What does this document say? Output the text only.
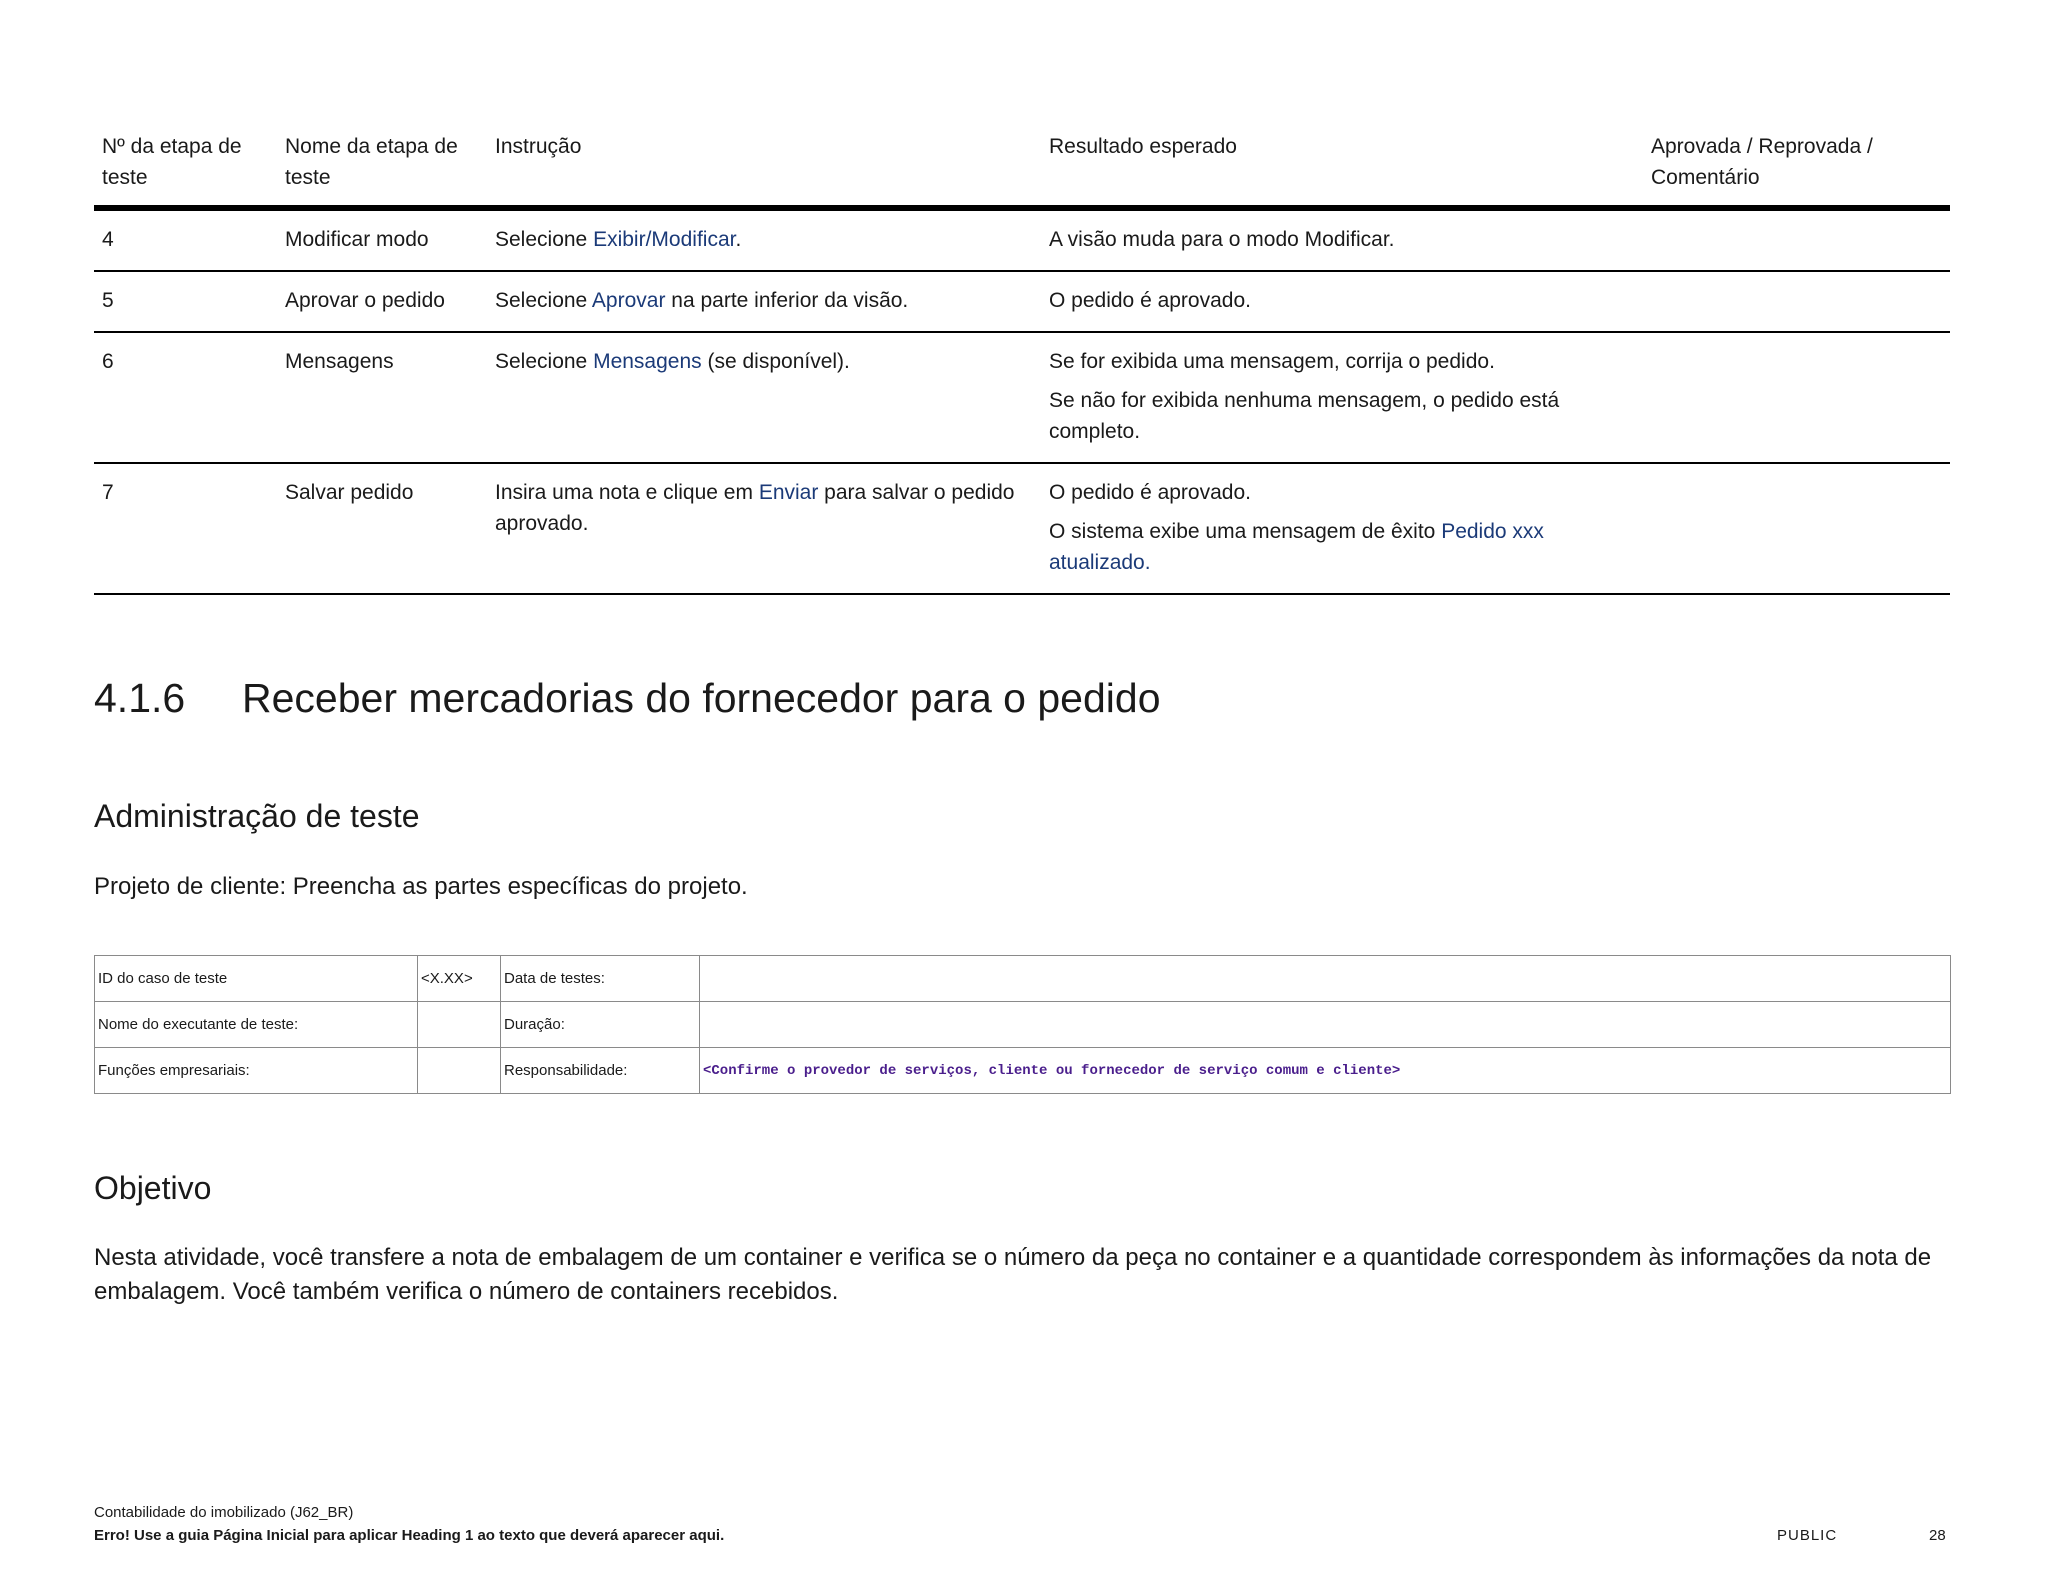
Nº da etapa de teste	Nome da etapa de teste	Instrução	Resultado esperado	Aprovada / Reprovada / Comentário
4	Modificar modo	Selecione Exibir/Modificar.	A visão muda para o modo Modificar.	

5	Aprovar o pedido	Selecione Aprovar na parte inferior da visão.	O pedido é aprovado.	

6	Mensagens	Selecione Mensagens (se disponível).	Se for exibida uma mensagem, corrija o pedido.

Se não for exibida nenhuma mensagem, o pedido está completo.	

7	Salvar pedido	Insira uma nota e clique em Enviar para salvar o pedido aprovado.	O pedido é aprovado.

O sistema exibe uma mensagem de êxito Pedido xxx atualizado.	

4.1.6 Receber mercadorias do fornecedor para o pedido
Administração de teste
Projeto de cliente: Preencha as partes específicas do projeto.
ID do caso de teste	<X.XX>	Data de testes:	
Nome do executante de teste:		Duração:	
Funções empresariais:		Responsabilidade:	<Confirme o provedor de serviços, cliente ou fornecedor de serviço comum e cliente>
Objetivo
Nesta atividade, você transfere a nota de embalagem de um container e verifica se o número da peça no container e a quantidade correspondem às informações da nota de embalagem. Você também verifica o número de containers recebidos.
Contabilidade do imobilizado (J62_BR)
Erro! Use a guia Página Inicial para aplicar Heading 1 ao texto que deverá aparecer aqui.	PUBLIC	28
